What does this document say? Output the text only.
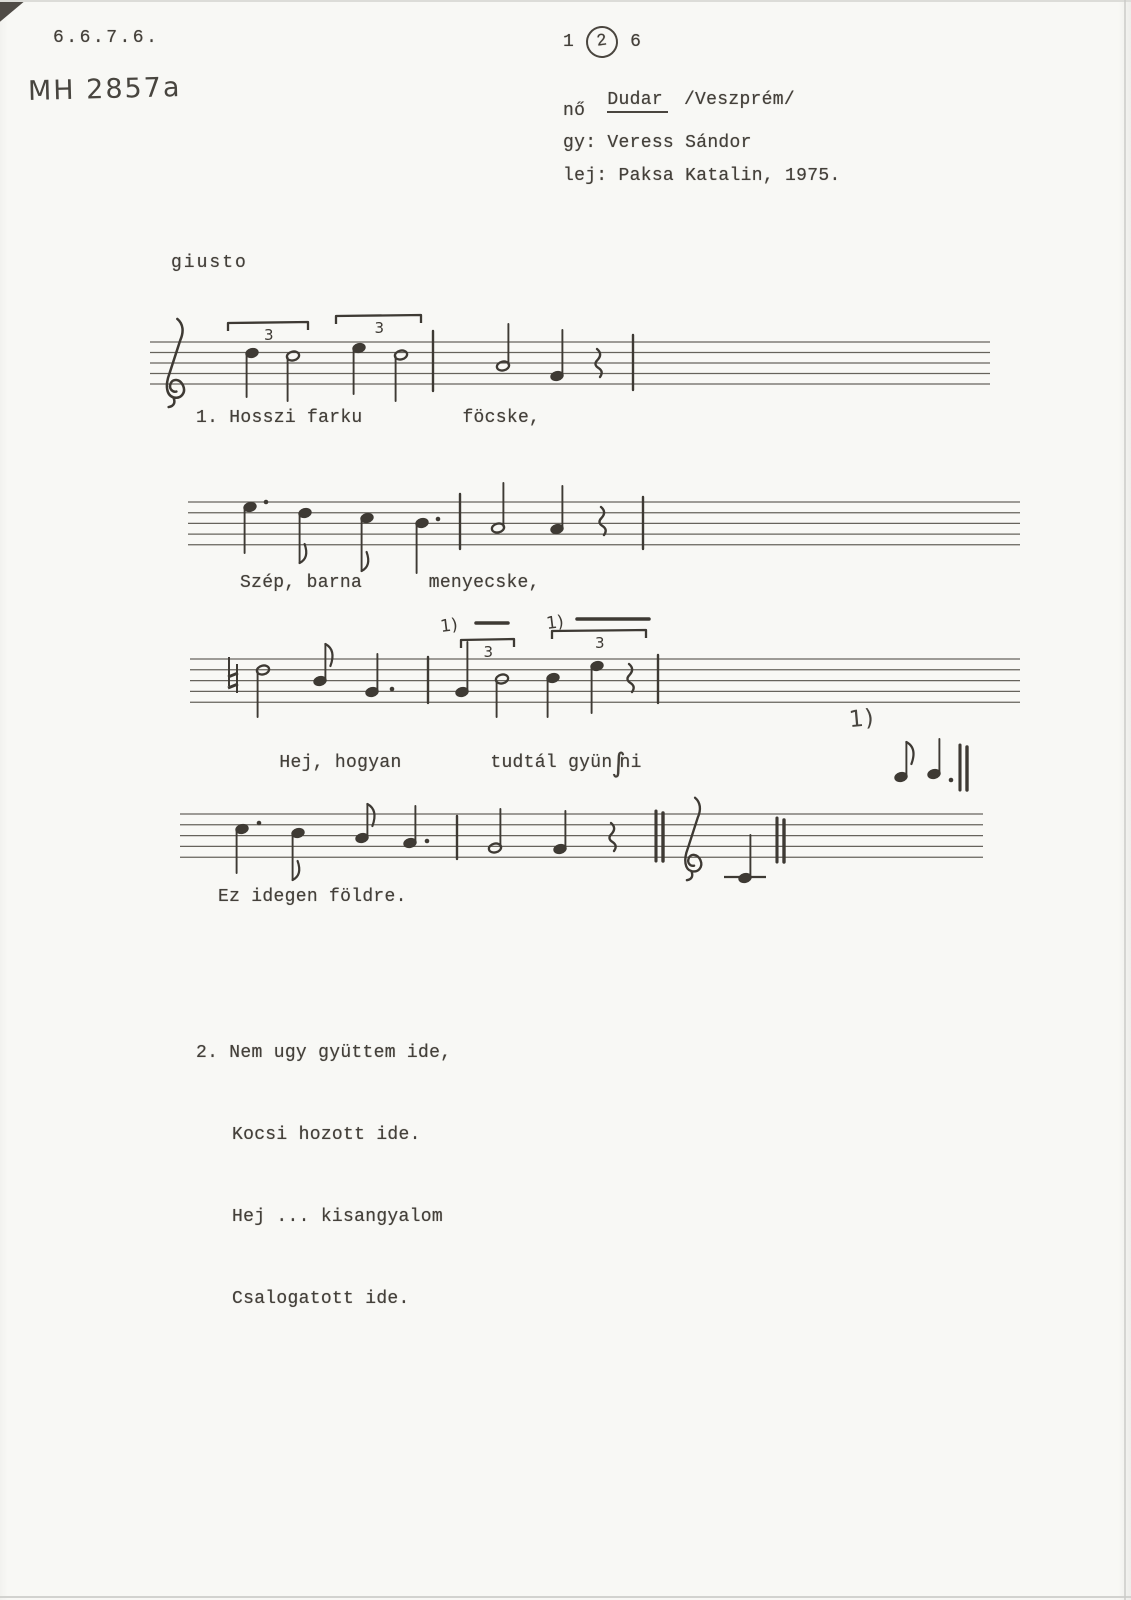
6.6.7.6.
MH 2857a
1	2	6

Dudar /Veszprém/

nő
gy: Veress Sándor
lej: Paksa Katalin, 1975.
giusto
3	3
1)
3
1)
3
1. Hosszi farku         föcske,
Szép, barna      menyecske,

Hej, hogyan        tudtál gyün∫ni

Ez idegen földre.
1)

2. Nem ugy gyüttem ide,

Kocsi hozott ide.

Hej ... kisangyalom

Csalogatott ide.
